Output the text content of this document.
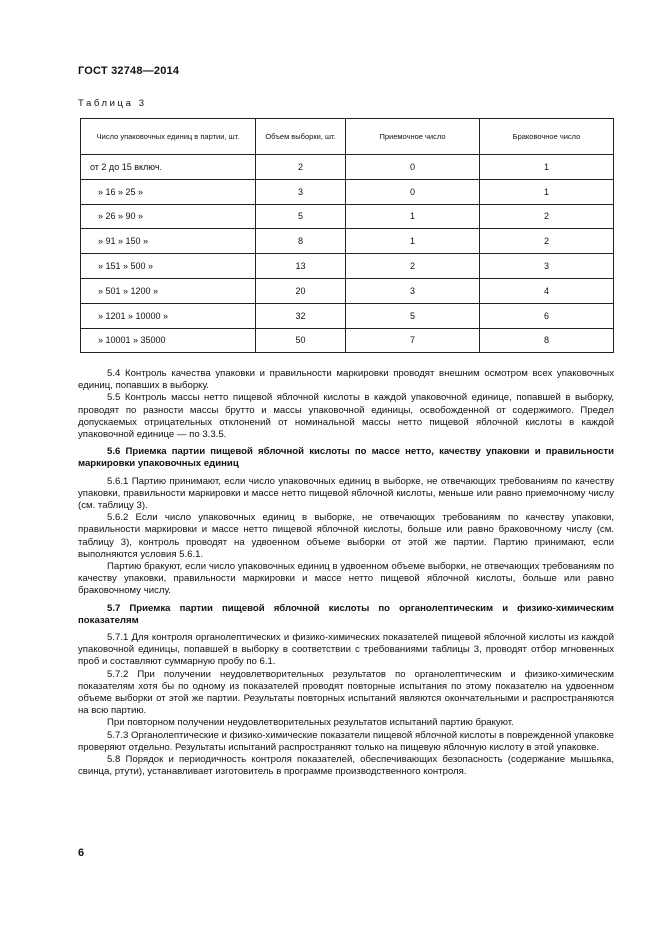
ГОСТ 32748—2014
Таблица 3
Число упаковочных единиц в партии, шт.	Объем выборки, шт.	Приемочное число	Браковочное число
от 2 до 15 включ.	2	0	1
» 16 » 25 »	3	0	1
» 26 » 90 »	5	1	2
» 91 » 150 »	8	1	2
» 151 » 500 »	13	2	3
» 501 » 1200 »	20	3	4
» 1201 » 10000 »	32	5	6
» 10001 » 35000	50	7	8

5.4 Контроль качества упаковки и правильности маркировки проводят внешним осмотром всех упаковочных единиц, попавших в выборку.

5.5 Контроль массы нетто пищевой яблочной кислоты в каждой упаковочной единице, попавшей в выборку, проводят по разности массы брутто и массы упаковочной единицы, освобожденной от содержимого. Предел допускаемых отрицательных отклонений от номинальной массы нетто пищевой яблочной кислоты в каждой упаковочной единице — по 3.3.5.

5.6 Приемка партии пищевой яблочной кислоты по массе нетто, качеству упаковки и правильности маркировки упаковочных единиц

5.6.1 Партию принимают, если число упаковочных единиц в выборке, не отвечающих требованиям по качеству упаковки, правильности маркировки и массе нетто пищевой яблочной кислоты, меньше или равно приемочному числу (см. таблицу 3).

5.6.2 Если число упаковочных единиц в выборке, не отвечающих требованиям по качеству упаковки, правильности маркировки и массе нетто пищевой яблочной кислоты, больше или равно браковочному числу (см. таблицу 3), контроль проводят на удвоенном объеме выборки от этой же партии. Партию принимают, если выполняются условия 5.6.1.

Партию бракуют, если число упаковочных единиц в удвоенном объеме выборки, не отвечающих требованиям по качеству упаковки, правильности маркировки и массе нетто пищевой яблочной кислоты, больше или равно браковочному числу.

5.7 Приемка партии пищевой яблочной кислоты по органолептическим и физико-химическим показателям

5.7.1 Для контроля органолептических и физико-химических показателей пищевой яблочной кислоты из каждой упаковочной единицы, попавшей в выборку в соответствии с требованиями таблицы 3, проводят отбор мгновенных проб и составляют суммарную пробу по 6.1.

5.7.2 При получении неудовлетворительных результатов по органолептическим и физико-химическим показателям хотя бы по одному из показателей проводят повторные испытания по этому показателю на удвоенном объеме выборки от этой же партии. Результаты повторных испытаний являются окончательными и распространяются на всю партию.

При повторном получении неудовлетворительных результатов испытаний партию бракуют.

5.7.3 Органолептические и физико-химические показатели пищевой яблочной кислоты в поврежденной упаковке проверяют отдельно. Результаты испытаний распространяют только на пищевую яблочную кислоту в этой упаковке.

5.8 Порядок и периодичность контроля показателей, обеспечивающих безопасность (содержание мышьяка, свинца, ртути), устанавливает изготовитель в программе производственного контроля.

6
